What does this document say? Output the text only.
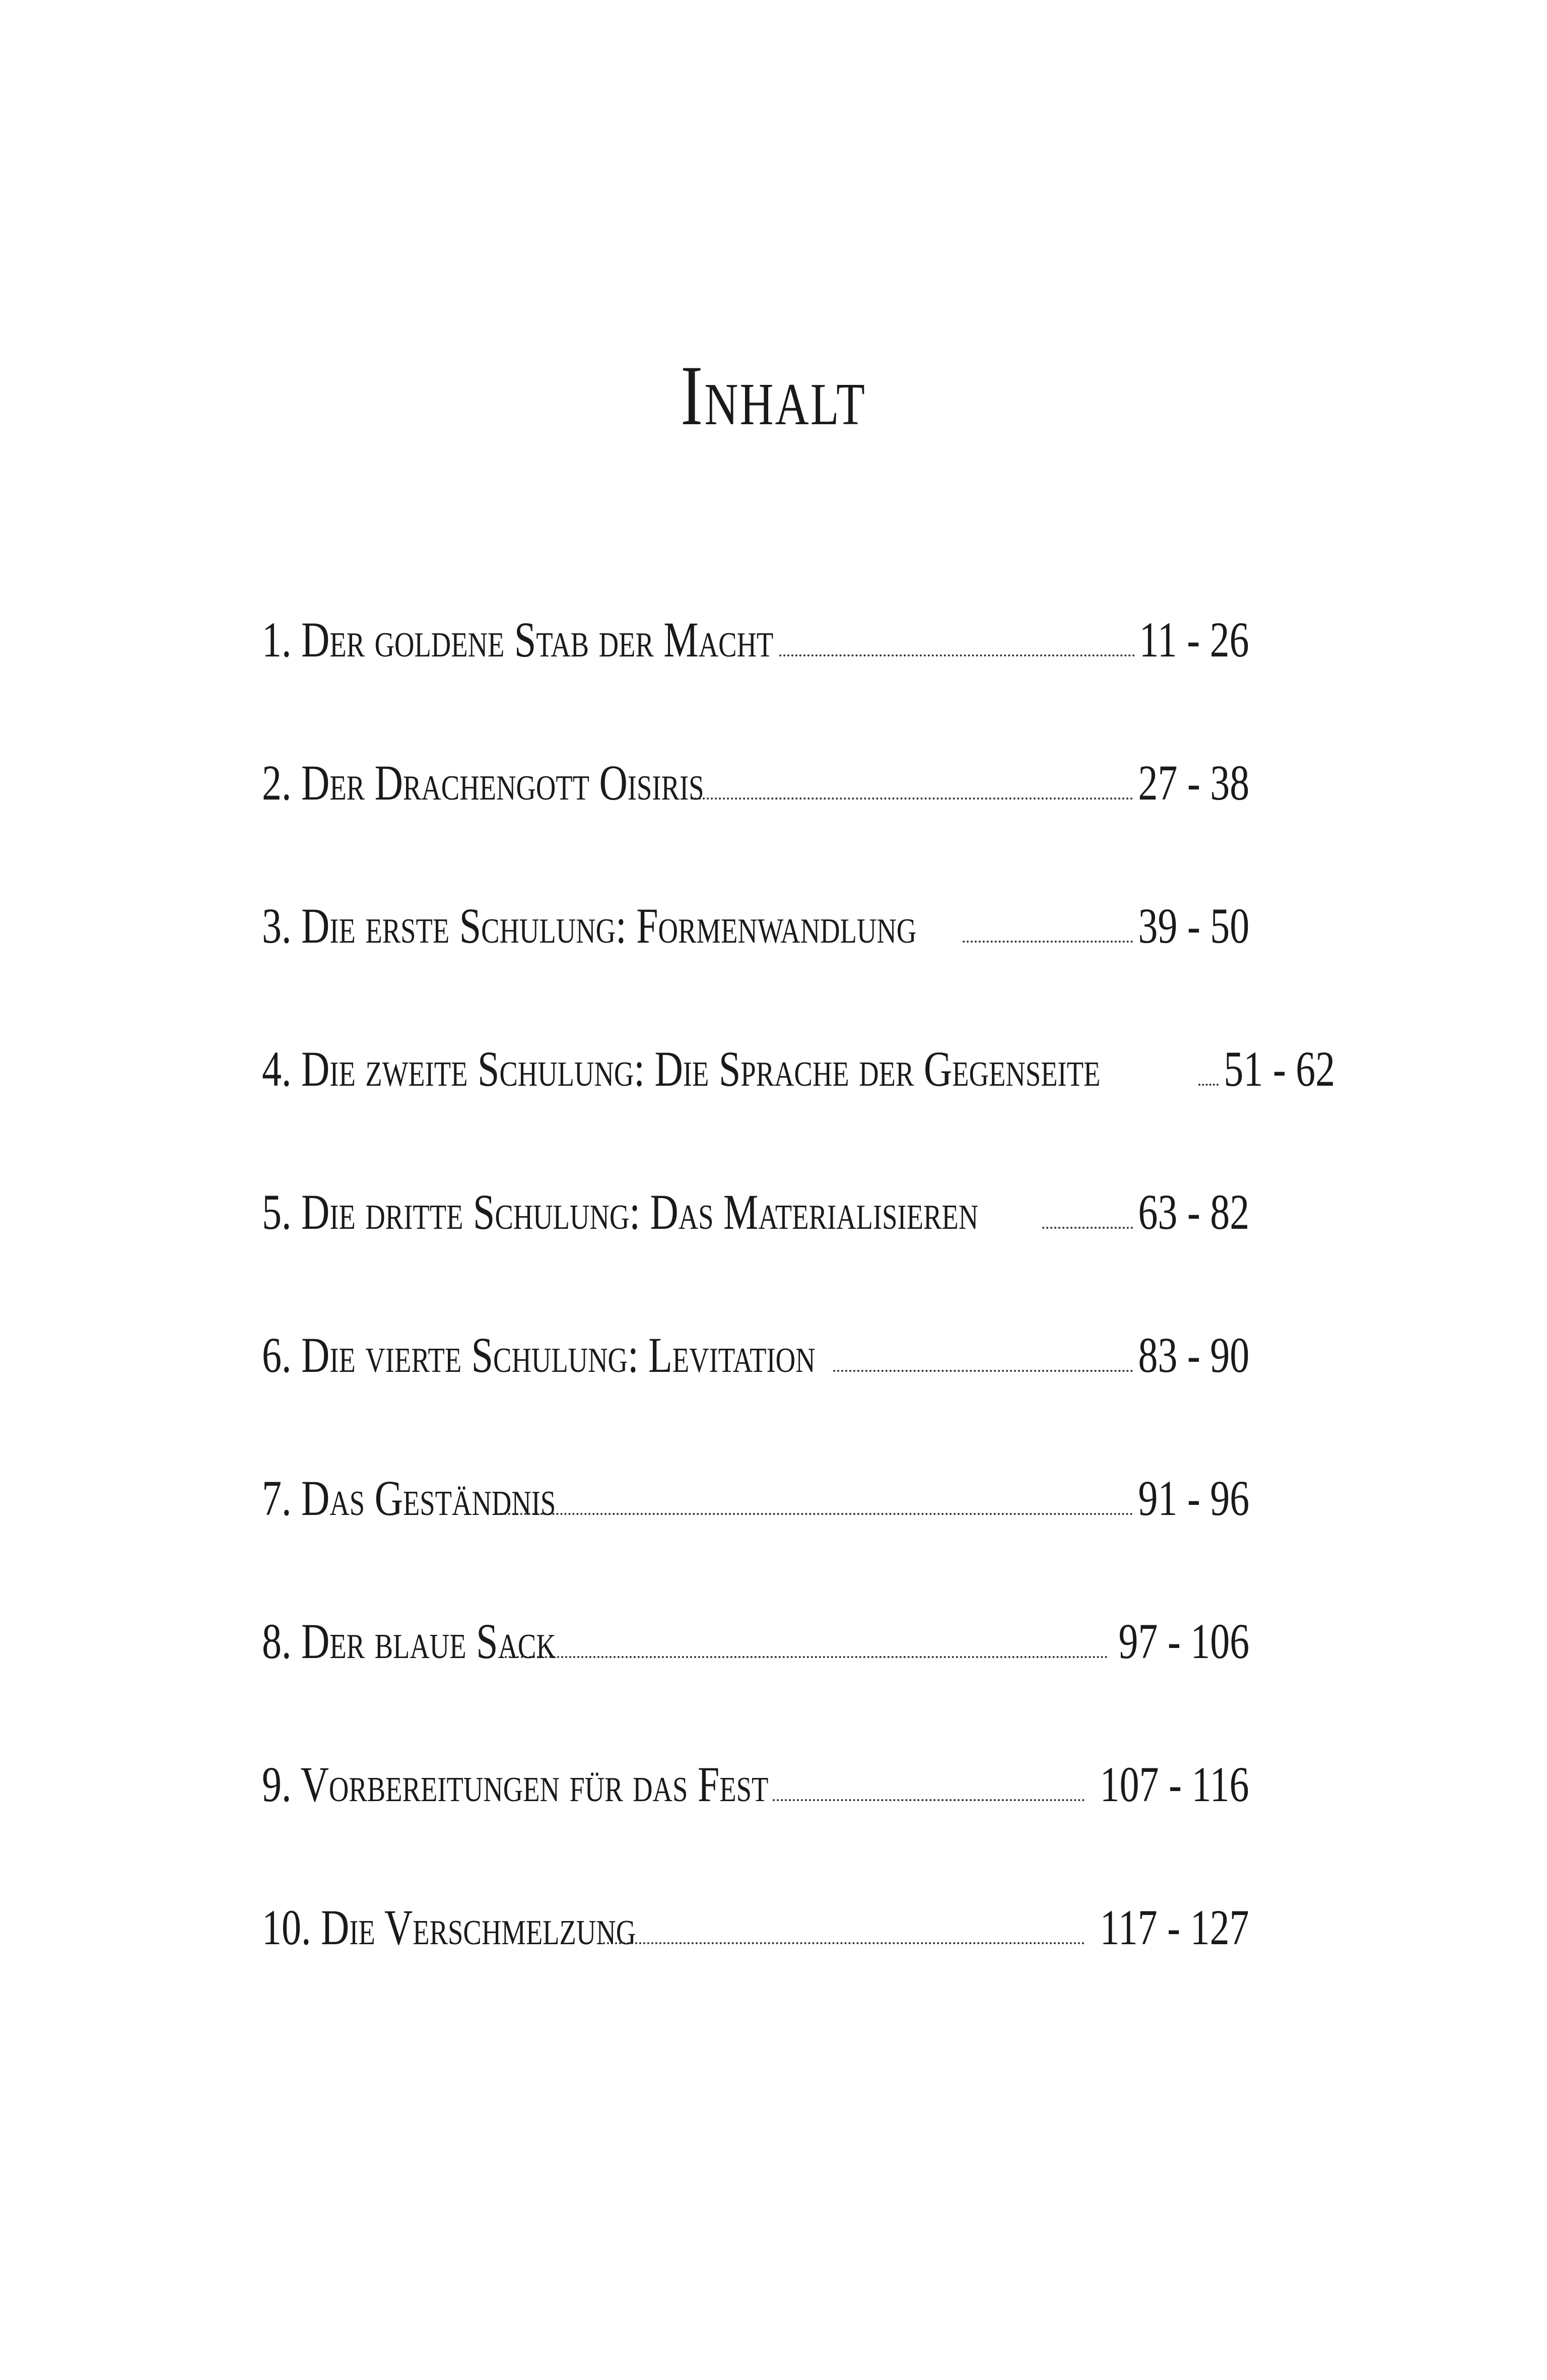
Inhalt
1. Der goldene Stab der Macht	11 - 26
2. Der Drachengott Oisiris	27 - 38
3. Die erste Schulung: Formenwandlung	39 - 50
4. Die zweite Schulung: Die Sprache der Gegenseite 51 - 62
5. Die dritte Schulung: Das Materialisieren	63 - 82
6. Die vierte Schulung: Levitation	83 - 90
7. Das Geständnis	91 - 96
8. Der blaue Sack	97 - 106
9. Vorbereitungen für das Fest	107 - 116
10. Die Verschmelzung	117 - 127
